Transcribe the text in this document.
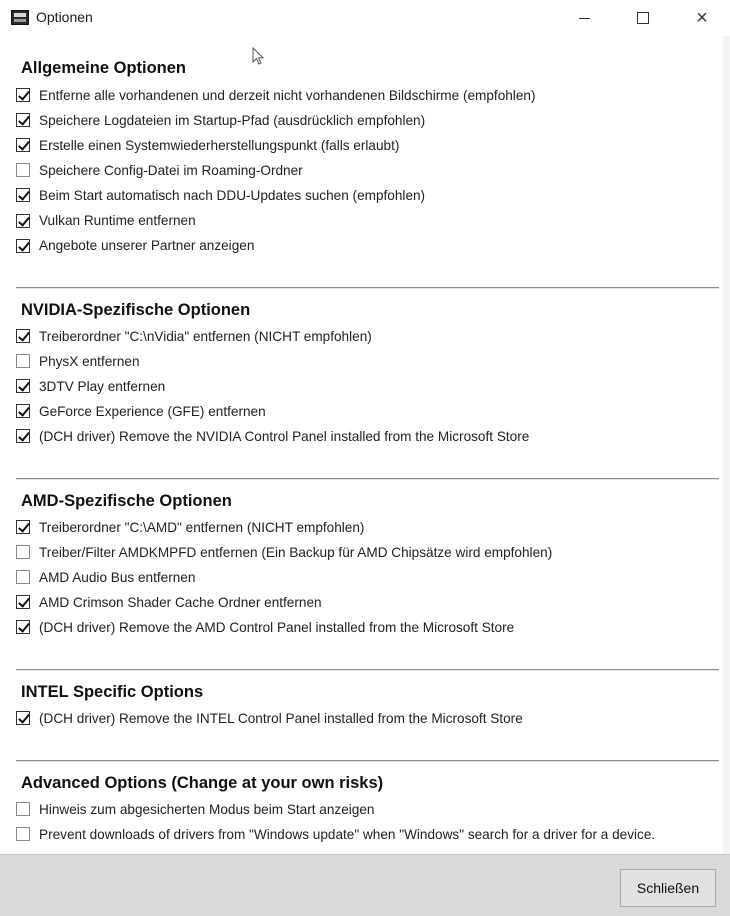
Optionen	×
Allgemeine Optionen
Entferne alle vorhandenen und derzeit nicht vorhandenen Bildschirme (empfohlen)
Speichere Logdateien im Startup-Pfad (ausdrücklich empfohlen)
Erstelle einen Systemwiederherstellungspunkt (falls erlaubt)
Speichere Config-Datei im Roaming-Ordner
Beim Start automatisch nach DDU-Updates suchen (empfohlen)
Vulkan Runtime entfernen
Angebote unserer Partner anzeigen
NVIDIA-Spezifische Optionen
Treiberordner "C:\nVidia" entfernen (NICHT empfohlen)
PhysX entfernen
3DTV Play entfernen
GeForce Experience (GFE) entfernen
(DCH driver) Remove the NVIDIA Control Panel installed from the Microsoft Store
AMD-Spezifische Optionen
Treiberordner "C:\AMD" entfernen (NICHT empfohlen)
Treiber/Filter AMDKMPFD entfernen (Ein Backup für AMD Chipsätze wird empfohlen)
AMD Audio Bus entfernen
AMD Crimson Shader Cache Ordner entfernen
(DCH driver) Remove the AMD Control Panel installed from the Microsoft Store
INTEL Specific Options
(DCH driver) Remove the INTEL Control Panel installed from the Microsoft Store
Advanced Options (Change at your own risks)
Hinweis zum abgesicherten Modus beim Start anzeigen
Prevent downloads of drivers from "Windows update" when "Windows" search for a driver for a device.
Schließen
